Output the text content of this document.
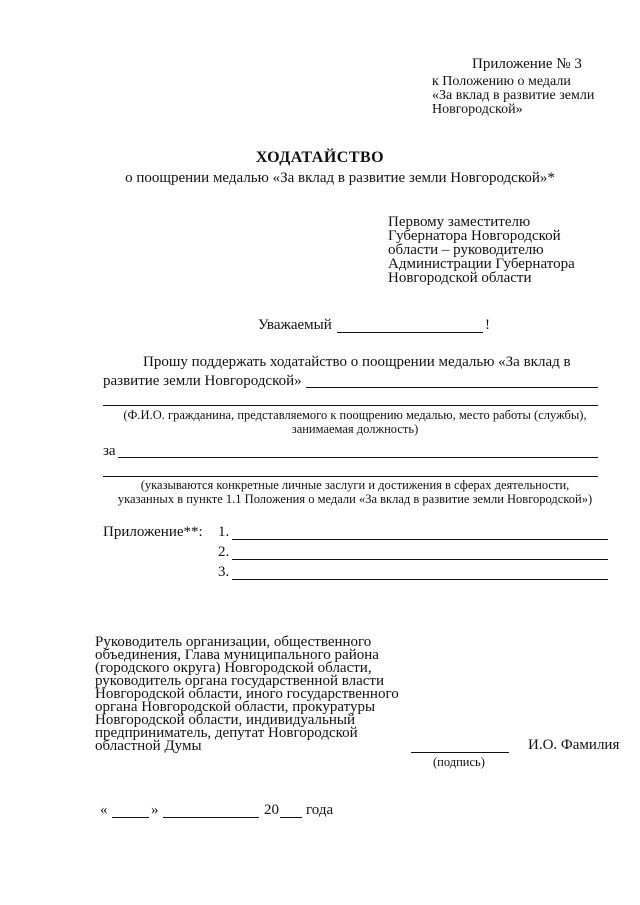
Приложение № 3
к Положению о медали
«За вклад в развитие земли
Новгородской»
ХОДАТАЙСТВО
о поощрении медалью «За вклад в развитие земли Новгородской»*
Первому заместителю
Губернатора Новгородской
области – руководителю
Администрации Губернатора
Новгородской области
Уважаемый	!
Прошу поддержать ходатайство о поощрении медалью «За вклад в
развитие земли Новгородской»
(Ф.И.О. гражданина, представляемого к поощрению медалью, место работы (службы),
занимаемая должность)
за
(указываются конкретные личные заслуги и достижения в сферах деятельности,
указанных в пункте 1.1 Положения о медали «За вклад в развитие земли Новгородской»)
Приложение**: 1.
2.
3.
Руководитель организации, общественного
объединения, Глава муниципального района
(городского округа) Новгородской области,
руководитель органа государственной власти
Новгородской области, иного государственного
органа Новгородской области, прокуратуры
Новгородской области, индивидуальный
предприниматель, депутат Новгородской
областной Думы
(подпись)
И.О. Фамилия
«	»	20 года
